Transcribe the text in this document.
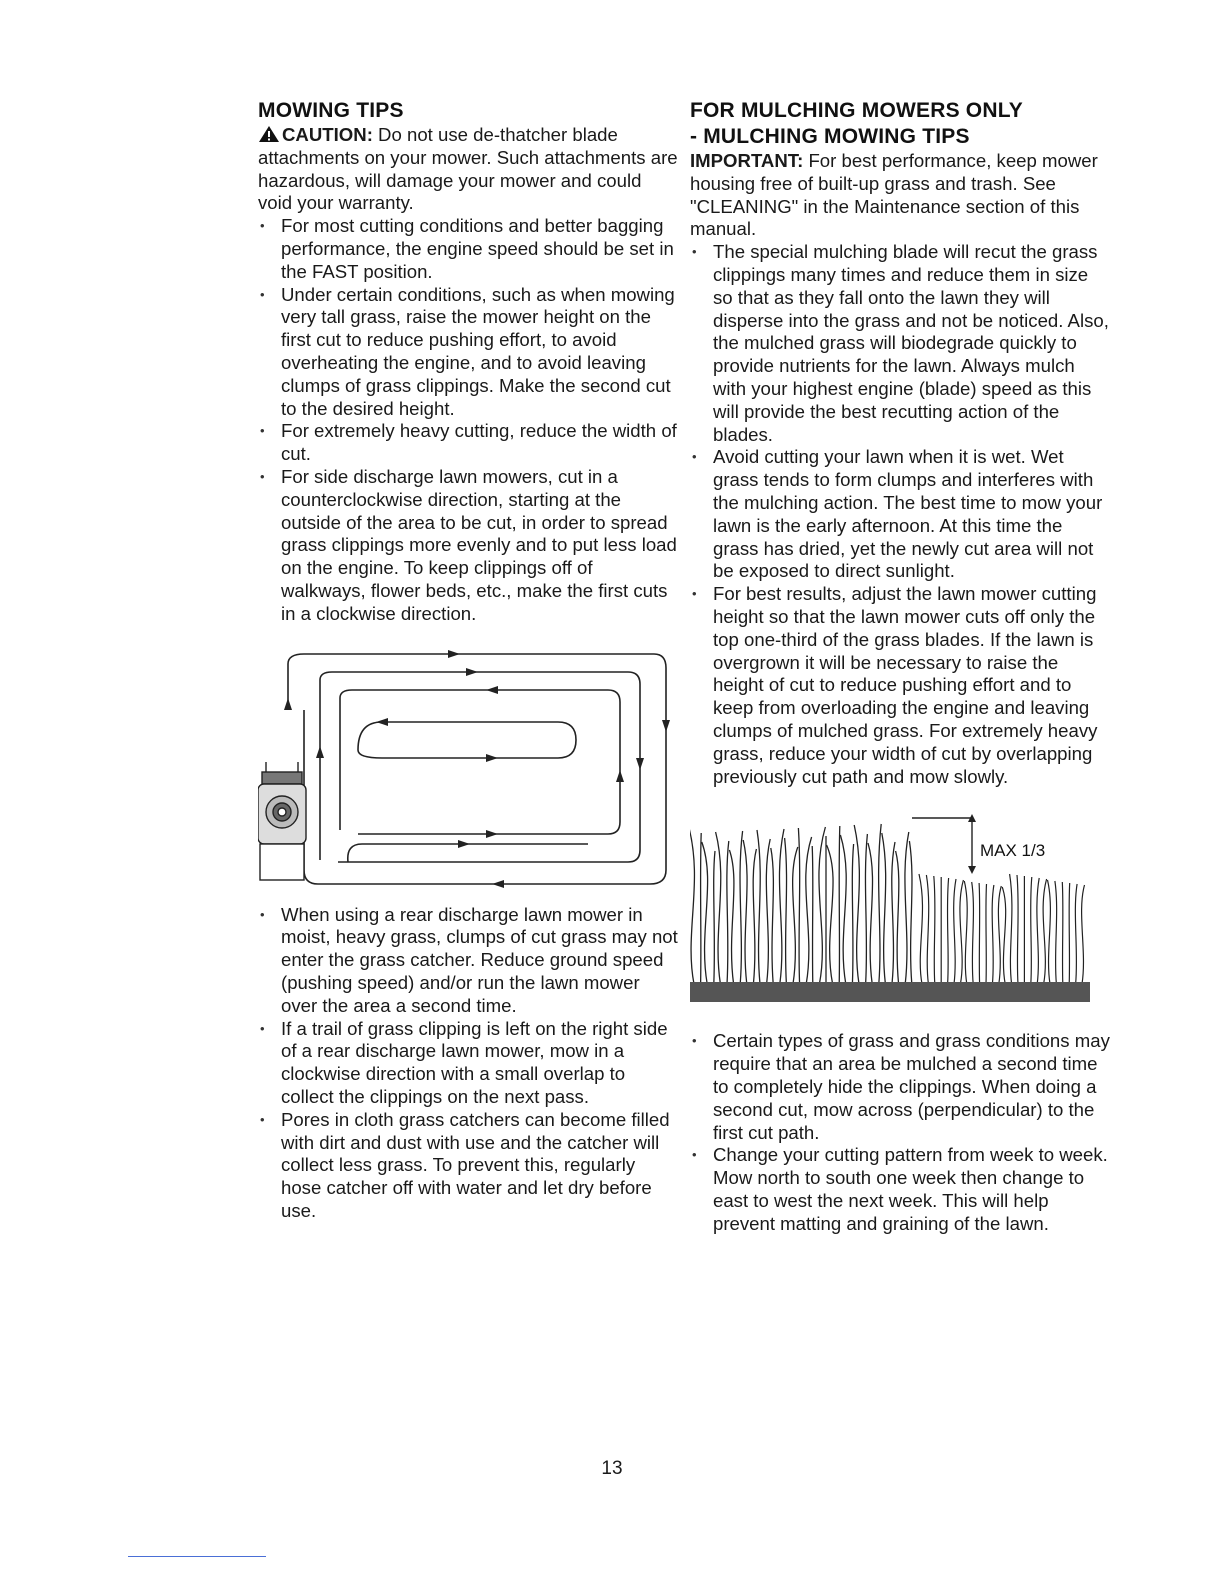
MOWING TIPS

CAUTION: Do not use de-thatcher blade attachments on your mower. Such attachments are hazardous, will damage your mower and could void your warranty.

• For most cutting conditions and better bagging performance, the engine speed should be set in the FAST position.
• Under certain conditions, such as when mowing very tall grass, raise the mower height on the first cut to reduce pushing effort, to avoid overheating the engine, and to avoid leaving clumps of grass clippings. Make the second cut to the desired height.
• For extremely heavy cutting, reduce the width of cut.
• For side discharge lawn mowers, cut in a counterclockwise direction, starting at the outside of the area to be cut, in order to spread grass clippings more evenly and to put less load on the engine. To keep clippings off of walkways, flower beds, etc., make the first cuts in a clockwise direction.
• When using a rear discharge lawn mower in moist, heavy grass, clumps of cut grass may not enter the grass catcher. Reduce ground speed (pushing speed) and/or run the lawn mower over the area a second time.
• If a trail of grass clipping is left on the right side of a rear discharge lawn mower, mow in a clockwise direction with a small overlap to collect the clippings on the next pass.
• Pores in cloth grass catchers can become filled with dirt and dust with use and the catcher will collect less grass. To prevent this, regularly hose catcher off with water and let dry before use.
FOR MULCHING MOWERS ONLY
- MULCHING MOWING TIPS

IMPORTANT: For best performance, keep mower housing free of built-up grass and trash. See "CLEANING" in the Maintenance section of this manual.

• The special mulching blade will recut the grass clippings many times and reduce them in size so that as they fall onto the lawn they will disperse into the grass and not be noticed. Also, the mulched grass will biodegrade quickly to provide nutrients for the lawn. Always mulch with your highest engine (blade) speed as this will provide the best recutting action of the blades.
• Avoid cutting your lawn when it is wet. Wet grass tends to form clumps and interferes with the mulching action. The best time to mow your lawn is the early afternoon. At this time the grass has dried, yet the newly cut area will not be exposed to direct sunlight.
• For best results, adjust the lawn mower cutting height so that the lawn mower cuts off only the top one-third of the grass blades. If the lawn is overgrown it will be necessary to raise the height of cut to reduce pushing effort and to keep from overloading the engine and leaving clumps of mulched grass. For extremely heavy grass, reduce your width of cut by overlapping previously cut path and mow slowly.
MAX 1/3
• Certain types of grass and grass conditions may require that an area be mulched a second time to completely hide the clippings. When doing a second cut, mow across (perpendicular) to the first cut path.
• Change your cutting pattern from week to week. Mow north to south one week then change to east to west the next week. This will help prevent matting and graining of the lawn.
13
